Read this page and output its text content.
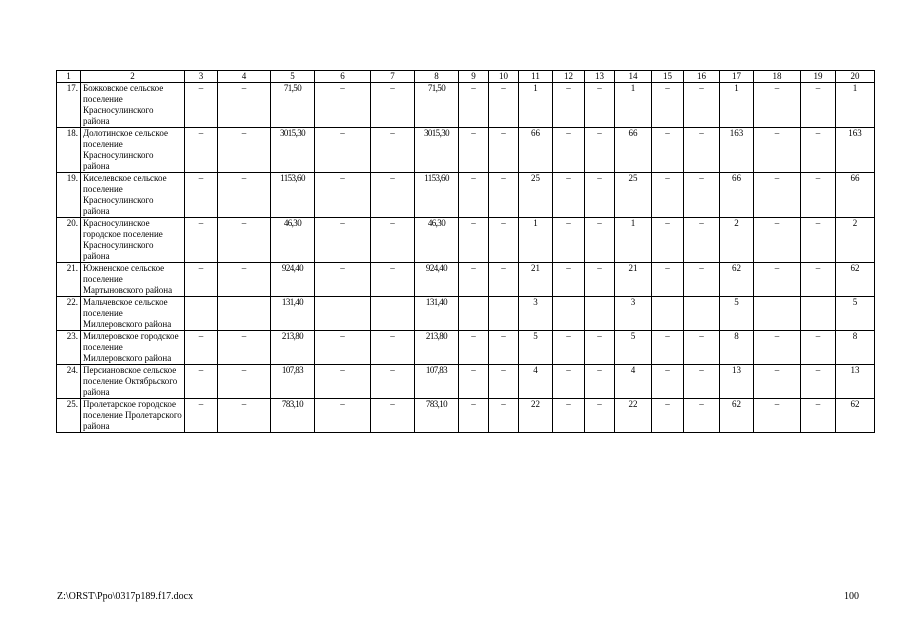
1	2	3	4	5	6	7	8	9	10	11	12	13	14	15	16	17	18	19	20
17.	Божковское сельское поселение Красносулинского района	–	–	71,50	–	–	71,50	–	–	1	–	–	1	–	–	1	–	–	1
18.	Долотинское сельское поселение Красносулинского района	–	–	3015,30	–	–	3015,30	–	–	66	–	–	66	–	–	163	–	–	163
19.	Киселевское сельское поселение Красносулинского района	–	–	1153,60	–	–	1153,60	–	–	25	–	–	25	–	–	66	–	–	66
20.	Красносулинское городское поселение Красносулинского района	–	–	46,30	–	–	46,30	–	–	1	–	–	1	–	–	2	–	–	2
21.	Южненское сельское поселение Мартыновского района	–	–	924,40	–	–	924,40	–	–	21	–	–	21	–	–	62	–	–	62
22.	Мальчевское сельское поселение Миллеровского района			131,40			131,40			3			3			5			5
23.	Миллеровское городское поселение Миллеровского района	–	–	213,80	–	–	213,80	–	–	5	–	–	5	–	–	8	–	–	8
24.	Персиановское сельское поселение Октябрьского района	–	–	107,83	–	–	107,83	–	–	4	–	–	4	–	–	13	–	–	13
25.	Пролетарское городское поселение Пролетарского района	–	–	783,10	–	–	783,10	–	–	22	–	–	22	–	–	62	–	–	62
Z:\ORST\Ppo\0317p189.f17.docx	100
